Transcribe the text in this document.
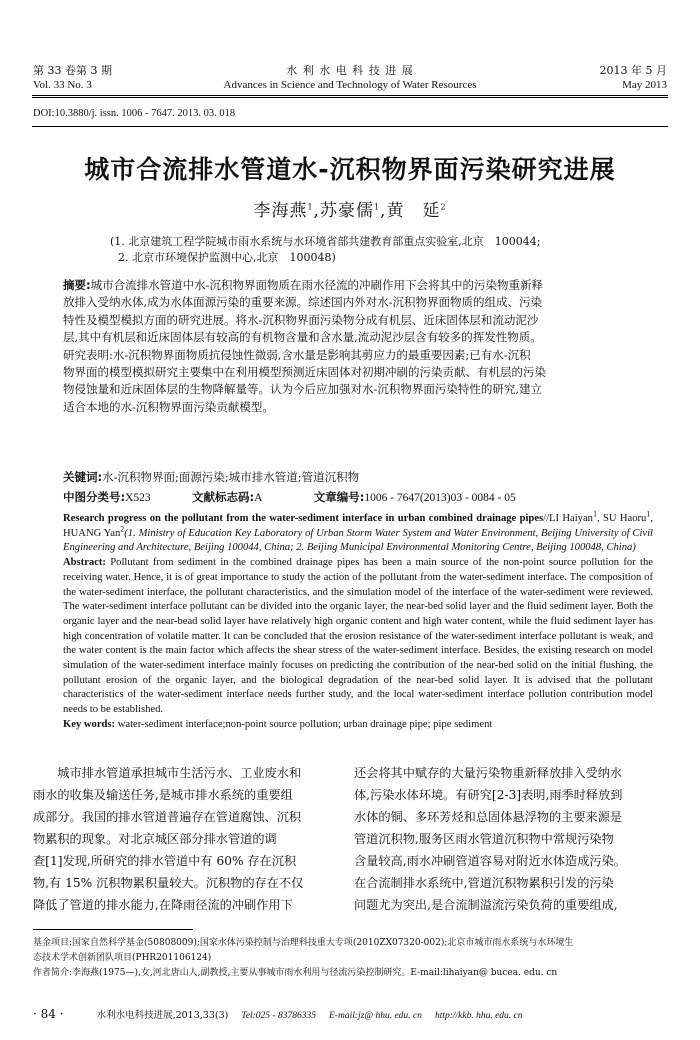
第 33 卷第 3 期
Vol. 33 No. 3
水 利 水 电 科 技 进 展
Advances in Science and Technology of Water Resources
2013 年 5 月
May 2013
DOI:10.3880/j. issn. 1006 - 7647. 2013. 03. 018
城市合流排水管道水-沉积物界面污染研究进展
李海燕$^1$,苏豪儒$^1$,黄　延$^2$
(1. 北京建筑工程学院城市雨水系统与水环境省部共建教育部重点实验室,北京　100044;
2. 北京市环境保护监测中心,北京　100048)
摘要:城市合流排水管道中水-沉积物界面物质在雨水径流的冲刷作用下会将其中的污染物重新释
放排入受纳水体,成为水体面源污染的重要来源。综述国内外对水-沉积物界面物质的组成、污染
特性及模型模拟方面的研究进展。将水-沉积物界面污染物分成有机层、近床固体层和流动泥沙
层,其中有机层和近床固体层有较高的有机物含量和含水量,流动泥沙层含有较多的挥发性物质。
研究表明:水-沉积物界面物质抗侵蚀性微弱,含水量是影响其剪应力的最重要因素;已有水-沉积
物界面的模型模拟研究主要集中在利用模型预测近床固体对初期冲刷的污染贡献、有机层的污染
物侵蚀量和近床固体层的生物降解量等。认为今后应加强对水-沉积物界面污染特性的研究,建立
适合本地的水-沉积物界面污染贡献模型。
关键词:水-沉积物界面;面源污染;城市排水管道;管道沉积物
中图分类号:X523	文献标志码:A	文章编号:1006 - 7647(2013)03 - 0084 - 05

Research progress on the pollutant from the water-sediment interface in urban combined drainage pipes//LI Haiyan$^1$, SU Haoru$^1$, HUANG Yan$^2$(1. Ministry of Education Key Laboratory of Urban Storm Water System and Water Environment, Beijing University of Civil Engineering and Architecture, Beijing 100044, China; 2. Beijing Municipal Environmental Monitoring Centre, Beijing 100048, China)

Abstract: Pollutant from sediment in the combined drainage pipes has been a main source of the non-point source pollution for the receiving water. Hence, it is of great importance to study the action of the pollutant from the water-sediment interface. The composition of the water-sediment interface, the pollutant characteristics, and the simulation model of the interface of the water-sediment were reviewed. The water-sediment interface pollutant can be divided into the organic layer, the near-bed solid layer and the fluid sediment layer. Both the organic layer and the near-bead solid layer have relatively high organic content and high water content, while the fluid sediment layer has high concentration of volatile matter. It can be concluded that the erosion resistance of the water-sediment interface pollutant is weak, and the water content is the main factor which affects the shear stress of the water-sediment interface. Besides, the existing research on model simulation of the water-sediment interface mainly focuses on predicting the contribution of the near-bed solid on the initial flushing, the pollutant erosion of the organic layer, and the biological degradation of the near-bed solid layer. It is advised that the pollutant characteristics of the water-sediment interface needs further study, and the local water-sediment interface pollution contribution model needs to be established.

Key words: water-sediment interface;non-point source pollution; urban drainage pipe; pipe sediment

城市排水管道承担城市生活污水、工业废水和
雨水的收集及输送任务,是城市排水系统的重要组
成部分。我国的排水管道普遍存在管道腐蚀、沉积
物累积的现象。对北京城区部分排水管道的调
查[1]发现,所研究的排水管道中有 60% 存在沉积
物,有 15% 沉积物累积量较大。沉积物的存在不仅
降低了管道的排水能力,在降雨径流的冲刷作用下
还会将其中赋存的大量污染物重新释放排入受纳水
体,污染水体环境。有研究[2-3]表明,雨季时释放到
水体的铜、多环芳烃和总固体悬浮物的主要来源是
管道沉积物,服务区雨水管道沉积物中常规污染物
含量较高,雨水冲刷管道容易对附近水体造成污染。
在合流制排水系统中,管道沉积物累积引发的污染
问题尤为突出,是合流制溢流污染负荷的重要组成,
基金项目:国家自然科学基金(50808009);国家水体污染控制与治理科技重大专项(2010ZX07320-002);北京市城市雨水系统与水环境生
态技术学术创新团队项目(PHR201106124)
作者简介:李海燕(1975—),女,河北唐山人,副教授,主要从事城市雨水利用与径流污染控制研究。E-mail:lihaiyan@ bucea. edu. cn
· 84 ·	水利水电科技进展,2013,33(3) Tel:025 - 83786335 E-mail:jz@ hhu. edu. cn http://kkb. hhu. edu. cn
